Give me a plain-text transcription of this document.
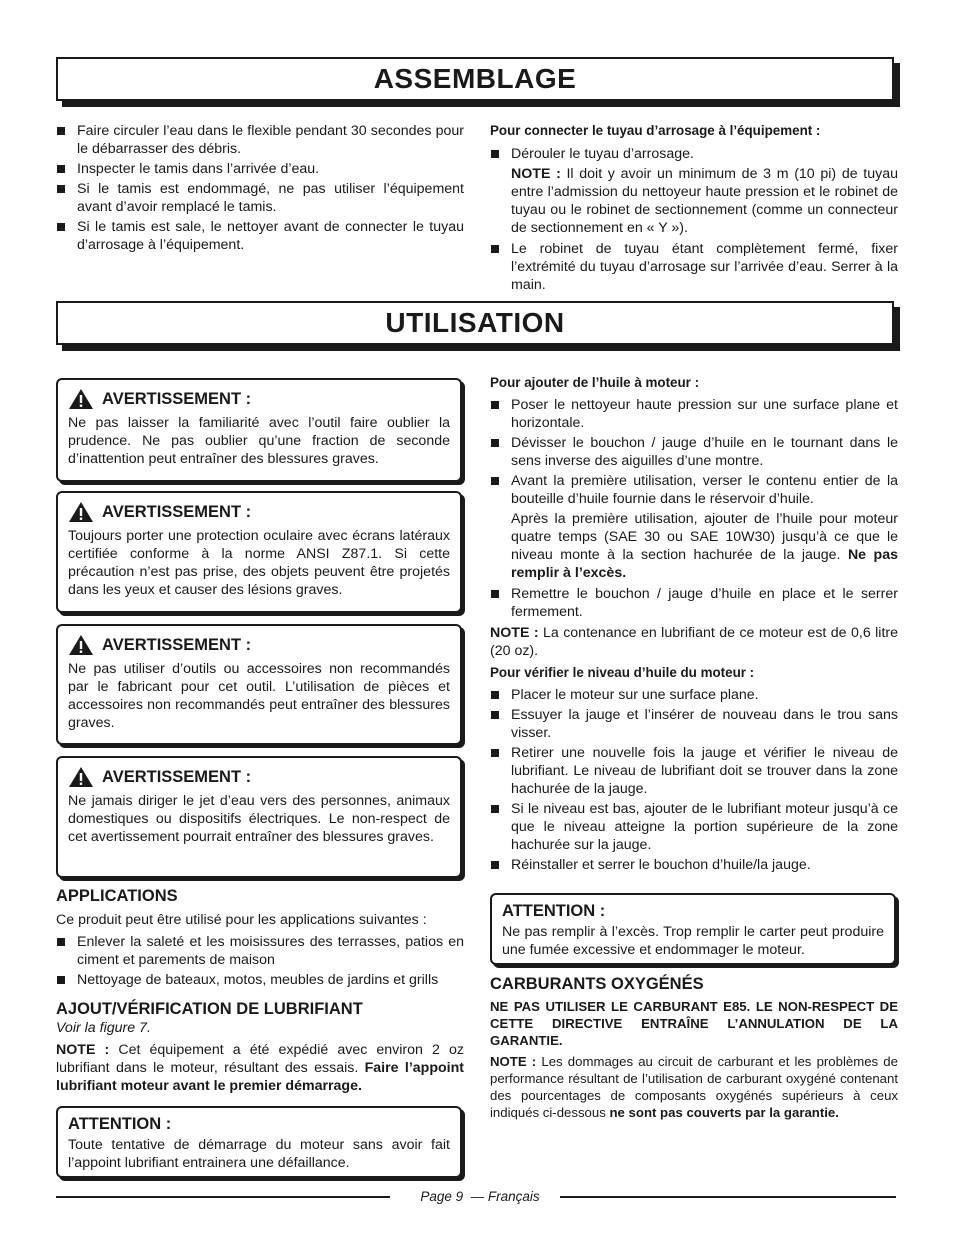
ASSEMBLAGE
Faire circuler l’eau dans le flexible pendant 30 secondes pour le débarrasser des débris.
Inspecter le tamis dans l’arrivée d’eau.
Si le tamis est endommagé, ne pas utiliser l’équipement avant d’avoir remplacé le tamis.
Si le tamis est sale, le nettoyer avant de connecter le tuyau d’arrosage à l’équipement.

Pour connecter le tuyau d’arrosage à l’équipement :

Dérouler le tuyau d’arrosage.

NOTE : Il doit y avoir un minimum de 3 m (10 pi) de tuyau entre l’admission du nettoyeur haute pression et le robinet de tuyau ou le robinet de sectionnement (comme un connecteur de sectionnement en « Y »).

Le robinet de tuyau étant complètement fermé, fixer l’extrémité du tuyau d’arrosage sur l’arrivée d’eau. Serrer à la main.
UTILISATION
AVERTISSEMENT :

Ne pas laisser la familiarité avec l’outil faire oublier la prudence. Ne pas oublier qu’une fraction de seconde d’inattention peut entraîner des blessures graves.

AVERTISSEMENT :

Toujours porter une protection oculaire avec écrans latéraux certifiée conforme à la norme ANSI Z87.1. Si cette précaution n’est pas prise, des objets peuvent être projetés dans les yeux et causer des lésions graves.

AVERTISSEMENT :

Ne pas utiliser d’outils ou accessoires non recommandés par le fabricant pour cet outil. L’utilisation de pièces et accessoires non recommandés peut entraîner des blessures graves.

AVERTISSEMENT :

Ne jamais diriger le jet d’eau vers des personnes, animaux domestiques ou dispositifs électriques. Le non-respect de cet avertissement pourrait entraîner des blessures graves.

APPLICATIONS

Ce produit peut être utilisé pour les applications suivantes :

Enlever la saleté et les moisissures des terrasses, patios en ciment et parements de maison
Nettoyage de bateaux, motos, meubles de jardins et grills

AJOUT/VÉRIFICATION DE LUBRIFIANT

Voir la figure 7.

NOTE : Cet équipement a été expédié avec environ 2 oz lubrifiant dans le moteur, résultant des essais. Faire l’appoint lubrifiant moteur avant le premier démarrage.

ATTENTION :

Toute tentative de démarrage du moteur sans avoir fait l’appoint lubrifiant entrainera une défaillance.

Pour ajouter de l’huile à moteur :

Poser le nettoyeur haute pression sur une surface plane et horizontale.
Dévisser le bouchon / jauge d’huile en le tournant dans le sens inverse des aiguilles d’une montre.
Avant la première utilisation, verser le contenu entier de la bouteille d’huile fournie dans le réservoir d’huile.

Après la première utilisation, ajouter de l’huile pour moteur quatre temps (SAE 30 ou SAE 10W30) jusqu’à ce que le niveau monte à la section hachurée de la jauge. Ne pas remplir à l’excès.

Remettre le bouchon / jauge d’huile en place et le serrer fermement.

NOTE : La contenance en lubrifiant de ce moteur est de 0,6 litre (20 oz).

Pour vérifier le niveau d’huile du moteur :

Placer le moteur sur une surface plane.
Essuyer la jauge et l’insérer de nouveau dans le trou sans visser.
Retirer une nouvelle fois la jauge et vérifier le niveau de lubrifiant. Le niveau de lubrifiant doit se trouver dans la zone hachurée de la jauge.
Si le niveau est bas, ajouter de le lubrifiant moteur jusqu’à ce que le niveau atteigne la portion supérieure de la zone hachurée sur la jauge.
Réinstaller et serrer le bouchon d’huile/la jauge.
ATTENTION :

Ne pas remplir à l’excès. Trop remplir le carter peut produire une fumée excessive et endommager le moteur.

CARBURANTS OXYGÉNÉS

NE PAS UTILISER LE CARBURANT E85. LE NON-RESPECT DE CETTE DIRECTIVE ENTRAÎNE L’ANNULATION DE LA GARANTIE.

NOTE : Les dommages au circuit de carburant et les problèmes de performance résultant de l’utilisation de carburant oxygéné contenant des pourcentages de composants oxygénés supérieurs à ceux indiqués ci-dessous ne sont pas couverts par la garantie.

Page 9 — Français
